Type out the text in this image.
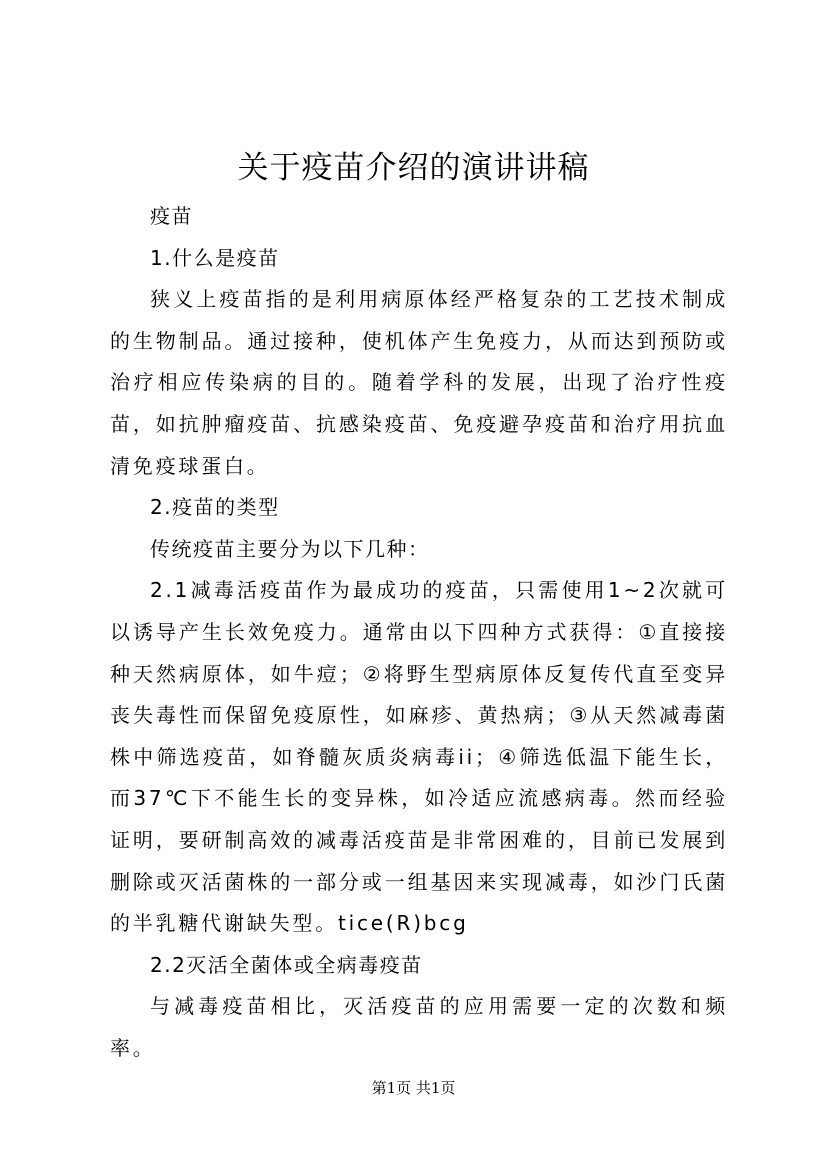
关于疫苗介绍的演讲讲稿

疫苗

1.什么是疫苗

狭义上疫苗指的是利用病原体经严格复杂的工艺技术制成的生物制品。通过接种，使机体产生免疫力，从而达到预防或治疗相应传染病的目的。随着学科的发展，出现了治疗性疫苗，如抗肿瘤疫苗、抗感染疫苗、免疫避孕疫苗和治疗用抗血清免疫球蛋白。

2.疫苗的类型

传统疫苗主要分为以下几种：

2.1减毒活疫苗作为最成功的疫苗，只需使用1~2次就可以诱导产生长效免疫力。通常由以下四种方式获得：①直接接种天然病原体，如牛痘；②将野生型病原体反复传代直至变异丧失毒性而保留免疫原性，如麻疹、黄热病；③从天然减毒菌株中筛选疫苗，如脊髓灰质炎病毒ii；④筛选低温下能生长，而37℃下不能生长的变异株，如冷适应流感病毒。然而经验证明，要研制高效的减毒活疫苗是非常困难的，目前已发展到删除或灭活菌株的一部分或一组基因来实现减毒，如沙门氏菌的半乳糖代谢缺失型。tice(R)bcg

2.2灭活全菌体或全病毒疫苗

与减毒疫苗相比，灭活疫苗的应用需要一定的次数和频率。

第1页 共1页
